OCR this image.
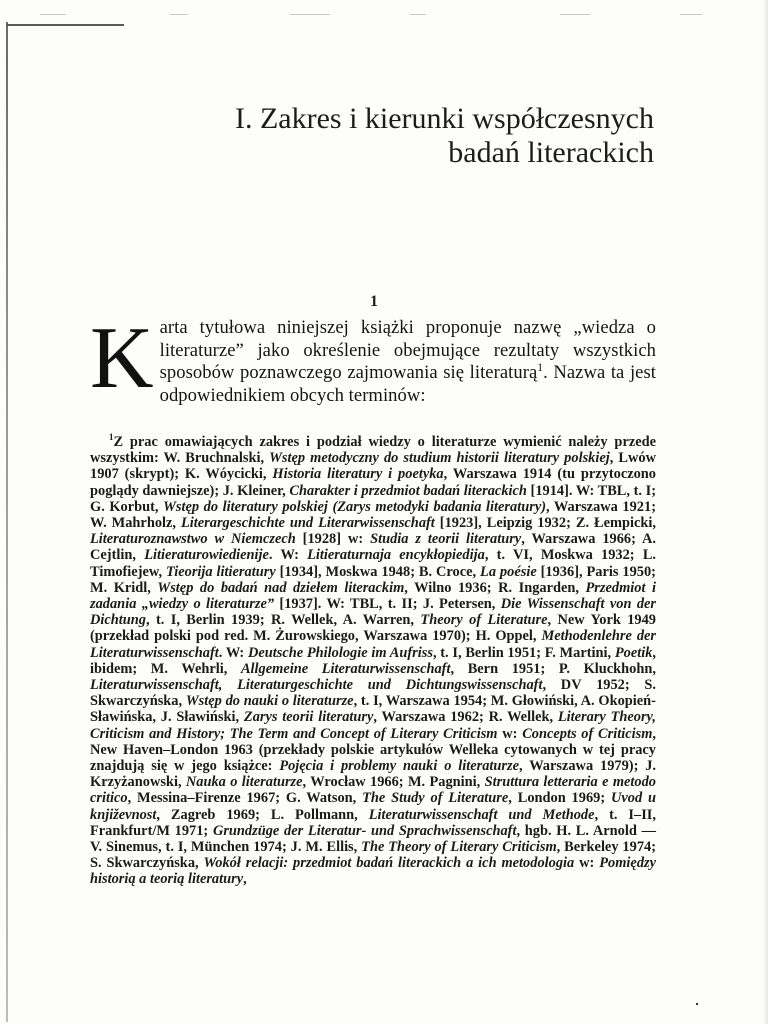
I. Zakres i kierunki współczesnych
badań literackich
1
Karta tytułowa niniejszej książki proponuje nazwę „wiedza o literaturze” jako określenie obejmujące rezultaty wszystkich sposobów poznawczego zajmowania się literaturą$^1$. Nazwa ta jest odpowiednikiem obcych terminów:

$^1$Z prac omawiających zakres i podział wiedzy o literaturze wymienić należy przede wszystkim: W. Bruchnalski, Wstęp metodyczny do studium historii literatury polskiej, Lwów 1907 (skrypt); K. Wóycicki, Historia literatury i poetyka, Warszawa 1914 (tu przytoczono poglądy dawniejsze); J. Kleiner, Charakter i przedmiot badań literackich [1914]. W: TBL, t. I; G. Korbut, Wstęp do literatury polskiej (Zarys metodyki badania literatury), Warszawa 1921; W. Mahrholz, Literargeschichte und Literarwissenschaft [1923], Leipzig 1932; Z. Łempicki, Literaturoznawstwo w Niemczech [1928] w: Studia z teorii literatury, Warszawa 1966; A. Cejtlin, Litieraturowiedienije. W: Litieraturnaja encykłopiedija, t. VI, Moskwa 1932; L. Timofiejew, Tieorija litieratury [1934], Moskwa 1948; B. Croce, La poésie [1936], Paris 1950; M. Kridl, Wstęp do badań nad dziełem literackim, Wilno 1936; R. Ingarden, Przedmiot i zadania „wiedzy o literaturze” [1937]. W: TBL, t. II; J. Petersen, Die Wissenschaft von der Dichtung, t. I, Berlin 1939; R. Wellek, A. Warren, Theory of Literature, New York 1949 (przekład polski pod red. M. Żurowskiego, Warszawa 1970); H. Oppel, Methodenlehre der Literaturwissenschaft. W: Deutsche Philologie im Aufriss, t. I, Berlin 1951; F. Martini, Poetik, ibidem; M. Wehrli, Allgemeine Literaturwissenschaft, Bern 1951; P. Kluckhohn, Literaturwissenschaft, Literaturgeschichte und Dichtungswissenschaft, DV 1952; S. Skwarczyńska, Wstęp do nauki o literaturze, t. I, Warszawa 1954; M. Głowiński, A. Okopień-Sławińska, J. Sławiński, Zarys teorii literatury, Warszawa 1962; R. Wellek, Literary Theory, Criticism and History; The Term and Concept of Literary Criticism w: Concepts of Criticism, New Haven–London 1963 (przekłady polskie artykułów Welleka cytowanych w tej pracy znajdują się w jego książce: Pojęcia i problemy nauki o literaturze, Warszawa 1979); J. Krzyżanowski, Nauka o literaturze, Wrocław 1966; M. Pagnini, Struttura letteraria e metodo critico, Messina–Firenze 1967; G. Watson, The Study of Literature, London 1969; Uvod u književnost, Zagreb 1969; L. Pollmann, Literaturwissenschaft und Methode, t. I–II, Frankfurt/M 1971; Grundzüge der Literatur- und Sprachwissenschaft, hgb. H. L. Arnold — V. Sinemus, t. I, München 1974; J. M. Ellis, The Theory of Literary Criticism, Berkeley 1974; S. Skwarczyńska, Wokół relacji: przedmiot badań literackich a ich metodologia w: Pomiędzy historią a teorią literatury,
